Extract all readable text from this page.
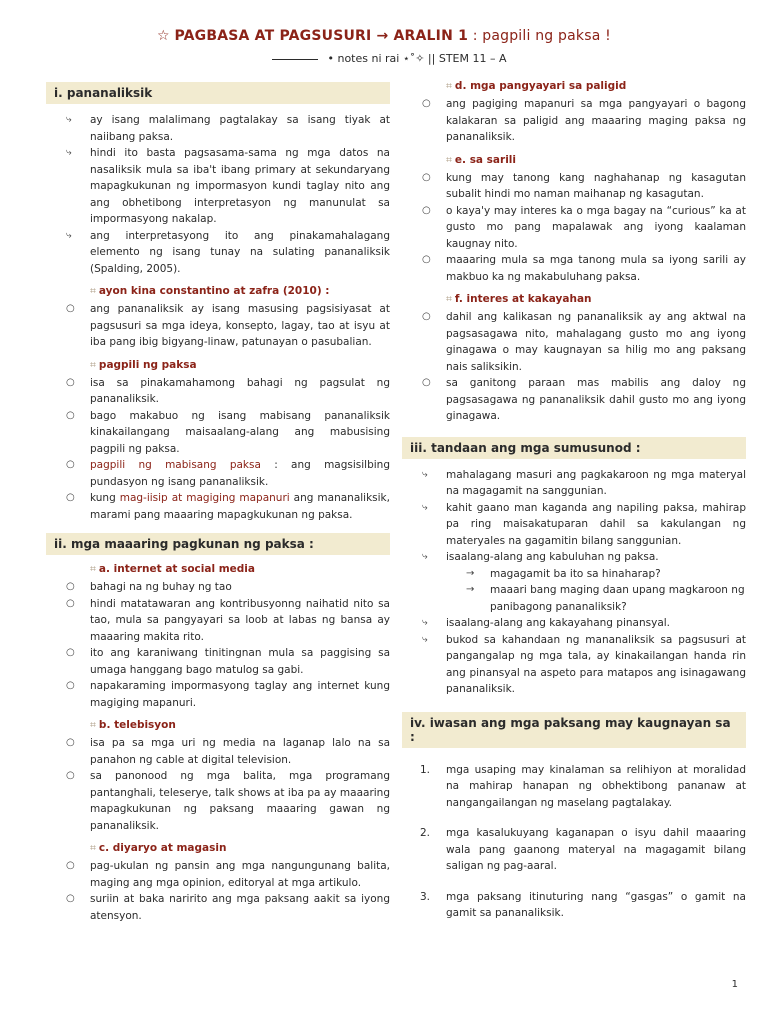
☆ PAGBASA AT PAGSUSURI → ARALIN 1 : pagpili ng paksa !
• notes ni rai ⋆˚✧ || STEM 11 – A
i. pananaliksik
⤷ ay isang malalimang pagtalakay sa isang tiyak at naiibang paksa.
⤷ hindi ito basta pagsasama-sama ng mga datos na nasaliksik mula sa iba't ibang primary at sekundaryang mapagkukunan ng impormasyon kundi taglay nito ang ang obhetibong interpretasyon ng manunulat sa impormasyong nakalap.
⤷ ang interpretasyong ito ang pinakamahalagang elemento ng isang tunay na sulating pananaliksik (Spalding, 2005).
⌗ ayon kina constantino at zafra (2010) :
○ ang pananaliksik ay isang masusing pagsisiyasat at pagsusuri sa mga ideya, konsepto, lagay, tao at isyu at iba pang ibig bigyang-linaw, patunayan o pasubalian.
⌗ pagpili ng paksa
○ isa sa pinakamahamong bahagi ng pagsulat ng pananaliksik.
○ bago makabuo ng isang mabisang pananaliksik kinakailangang maisaalang-alang ang mabusising pagpili ng paksa.
○ pagpili ng mabisang paksa : ang magsisilbing pundasyon ng isang pananaliksik.
○ kung mag-iisip at magiging mapanuri ang mananaliksik, marami pang maaaring mapagkukunan ng paksa.
ii. mga maaaring pagkunan ng paksa :
⌗ a. internet at social media
○ bahagi na ng buhay ng tao
○ hindi matatawaran ang kontribusyonng naihatid nito sa tao, mula sa pangyayari sa loob at labas ng bansa ay maaaring makita rito.
○ ito ang karaniwang tinitingnan mula sa paggising sa umaga hanggang bago matulog sa gabi.
○ napakaraming impormasyong taglay ang internet kung magiging mapanuri.
⌗ b. telebisyon
○ isa pa sa mga uri ng media na laganap lalo na sa panahon ng cable at digital television.
○ sa panonood ng mga balita, mga programang pantanghali, teleserye, talk shows at iba pa ay maaaring mapagkukunan ng paksang maaaring gawan ng pananaliksik.
⌗ c. diyaryo at magasin
○ pag-ukulan ng pansin ang mga nangungunang balita, maging ang mga opinion, editoryal at mga artikulo.
○ suriin at baka naririto ang mga paksang aakit sa iyong atensyon.
⌗ d. mga pangyayari sa paligid
○ ang pagiging mapanuri sa mga pangyayari o bagong kalakaran sa paligid ang maaaring maging paksa ng pananaliksik.
⌗ e. sa sarili
○ kung may tanong kang naghahanap ng kasagutan subalit hindi mo naman maihanap ng kasagutan.
○ o kaya'y may interes ka o mga bagay na “curious” ka at gusto mo pang mapalawak ang iyong kaalaman kaugnay nito.
○ maaaring mula sa mga tanong mula sa iyong sarili ay makbuo ka ng makabuluhang paksa.
⌗ f. interes at kakayahan
○ dahil ang kalikasan ng pananaliksik ay ang aktwal na pagsasagawa nito, mahalagang gusto mo ang iyong ginagawa o may kaugnayan sa hilig mo ang paksang nais saliksikin.
○ sa ganitong paraan mas mabilis ang daloy ng pagsasagawa ng pananaliksik dahil gusto mo ang iyong ginagawa.
iii. tandaan ang mga sumusunod :
⤷ mahalagang masuri ang pagkakaroon ng mga materyal na magagamit na sanggunian.
⤷ kahit gaano man kaganda ang napiling paksa, mahirap pa ring maisakatuparan dahil sa kakulangan ng materyales na gagamitin bilang sanggunian.
⤷ isaalang-alang ang kabuluhan ng paksa.
→ magagamit ba ito sa hinaharap?
→ maaari bang maging daan upang magkaroon ng panibagong pananaliksik?
⤷ isaalang-alang ang kakayahang pinansyal.
⤷ bukod sa kahandaan ng mananaliksik sa pagsusuri at pangangalap ng mga tala, ay kinakailangan handa rin ang pinansyal na aspeto para matapos ang isinagawang pananaliksik.
iv. iwasan ang mga paksang may kaugnayan sa :
1. mga usaping may kinalaman sa relihiyon at moralidad na mahirap hanapan ng obhektibong pananaw at nangangailangan ng maselang pagtalakay.
2. mga kasalukuyang kaganapan o isyu dahil maaaring wala pang gaanong materyal na magagamit bilang saligan ng pag-aaral.
3. mga paksang itinuturing nang “gasgas” o gamit na gamit sa pananaliksik.
1
